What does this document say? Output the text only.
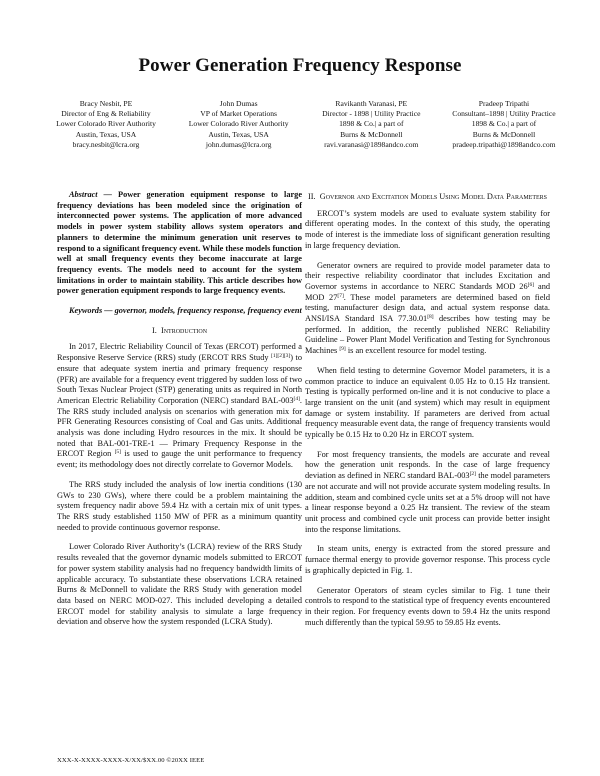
Power Generation Frequency Response
Bracy Nesbit, PE
Director of Eng & Reliability
Lower Colorado River Authority
Austin, Texas, USA
bracy.nesbit@lcra.org
John Dumas
VP of Market Operations
Lower Colorado River Authority
Austin, Texas, USA
john.dumas@lcra.org
Ravikanth Varanasi, PE
Director - 1898 | Utility Practice
1898 & Co.| a part of
Burns & McDonnell
ravi.varanasi@1898andco.com
Pradeep Tripathi
Consultant–1898 | Utility Practice
1898 & Co.| a part of
Burns & McDonnell
pradeep.tripathi@1898andco.com

Abstract — Power generation equipment response to large frequency deviations has been modeled since the origination of interconnected power systems. The application of more advanced models in power system stability allows system operators and planners to determine the minimum generation unit reserves to respond to a significant frequency event. While these models function well at small frequency events they become inaccurate at large frequency events. The models need to account for the system limitations in order to maintain stability. This article describes how power generation equipment responds to large frequency events.

Keywords — governor, models, frequency response, frequency event

I. Introduction

In 2017, Electric Reliability Council of Texas (ERCOT) performed a Responsive Reserve Service (RRS) study (ERCOT RRS Study [1][2][3]) to ensure that adequate system inertia and primary frequency response (PFR) are available for a frequency event triggered by sudden loss of two South Texas Nuclear Project (STP) generating units as required in North American Electric Reliability Corporation (NERC) standard BAL-003[4]. The RRS study included analysis on scenarios with generation mix for PFR Generating Resources consisting of Coal and Gas units. Additional analysis was done including Hydro resources in the mix. It should be noted that BAL-001-TRE-1 — Primary Frequency Response in the ERCOT Region [5] is used to gauge the unit performance to frequency event; its methodology does not directly correlate to Governor Models.

The RRS study included the analysis of low inertia conditions (130 GWs to 230 GWs), where there could be a problem maintaining the system frequency nadir above 59.4 Hz with a certain mix of unit types. The RRS study established 1150 MW of PFR as a minimum quantity needed to provide continuous governor response.

Lower Colorado River Authority’s (LCRA) review of the RRS Study results revealed that the governor dynamic models submitted to ERCOT for power system stability analysis had no frequency bandwidth limits of applicable accuracy. To substantiate these observations LCRA retained Burns & McDonnell to validate the RRS Study with generation model data based on NERC MOD-027. This included developing a detailed ERCOT model for stability analysis to simulate a large frequency deviation and observe how the system responded (LCRA Study).

II. Governor and Excitation Models Using Model Data Parameters

ERCOT’s system models are used to evaluate system stability for different operating modes. In the context of this study, the operating mode of interest is the immediate loss of significant generation resulting in large frequency deviation.

Generator owners are required to provide model parameter data to their respective reliability coordinator that includes Excitation and Governor systems in accordance to NERC Standards MOD 26[6] and MOD 27[7]. These model parameters are determined based on field testing, manufacturer design data, and actual system response data. ANSI/ISA Standard ISA 77.30.01[8] describes how testing may be performed. In addition, the recently published NERC Reliability Guideline – Power Plant Model Verification and Testing for Synchronous Machines [9] is an excellent resource for model testing.

When field testing to determine Governor Model parameters, it is a common practice to induce an equivalent 0.05 Hz to 0.15 Hz transient. Testing is typically performed on-line and it is not conducive to place a large transient on the unit (and system) which may result in equipment damage or system instability. If parameters are derived from actual frequency measurable event data, the range of frequency transients would typically be 0.15 Hz to 0.20 Hz in ERCOT system.

For most frequency transients, the models are accurate and reveal how the generation unit responds. In the case of large frequency deviation as defined in NERC standard BAL-003[2] the model parameters are not accurate and will not provide accurate system modeling results. In addition, steam and combined cycle units set at a 5% droop will not have a linear response beyond a 0.25 Hz transient. The review of the steam unit process and combined cycle unit process can provide better insight into the response limitations.

In steam units, energy is extracted from the stored pressure and furnace thermal energy to provide governor response. This process cycle is graphically depicted in Fig. 1.

Generator Operators of steam cycles similar to Fig. 1 tune their controls to respond to the statistical type of frequency events encountered in their region. For frequency events down to 59.4 Hz the units respond much differently than the typical 59.95 to 59.85 Hz events.

XXX-X-XXXX-XXXX-X/XX/$XX.00 ©20XX IEEE
